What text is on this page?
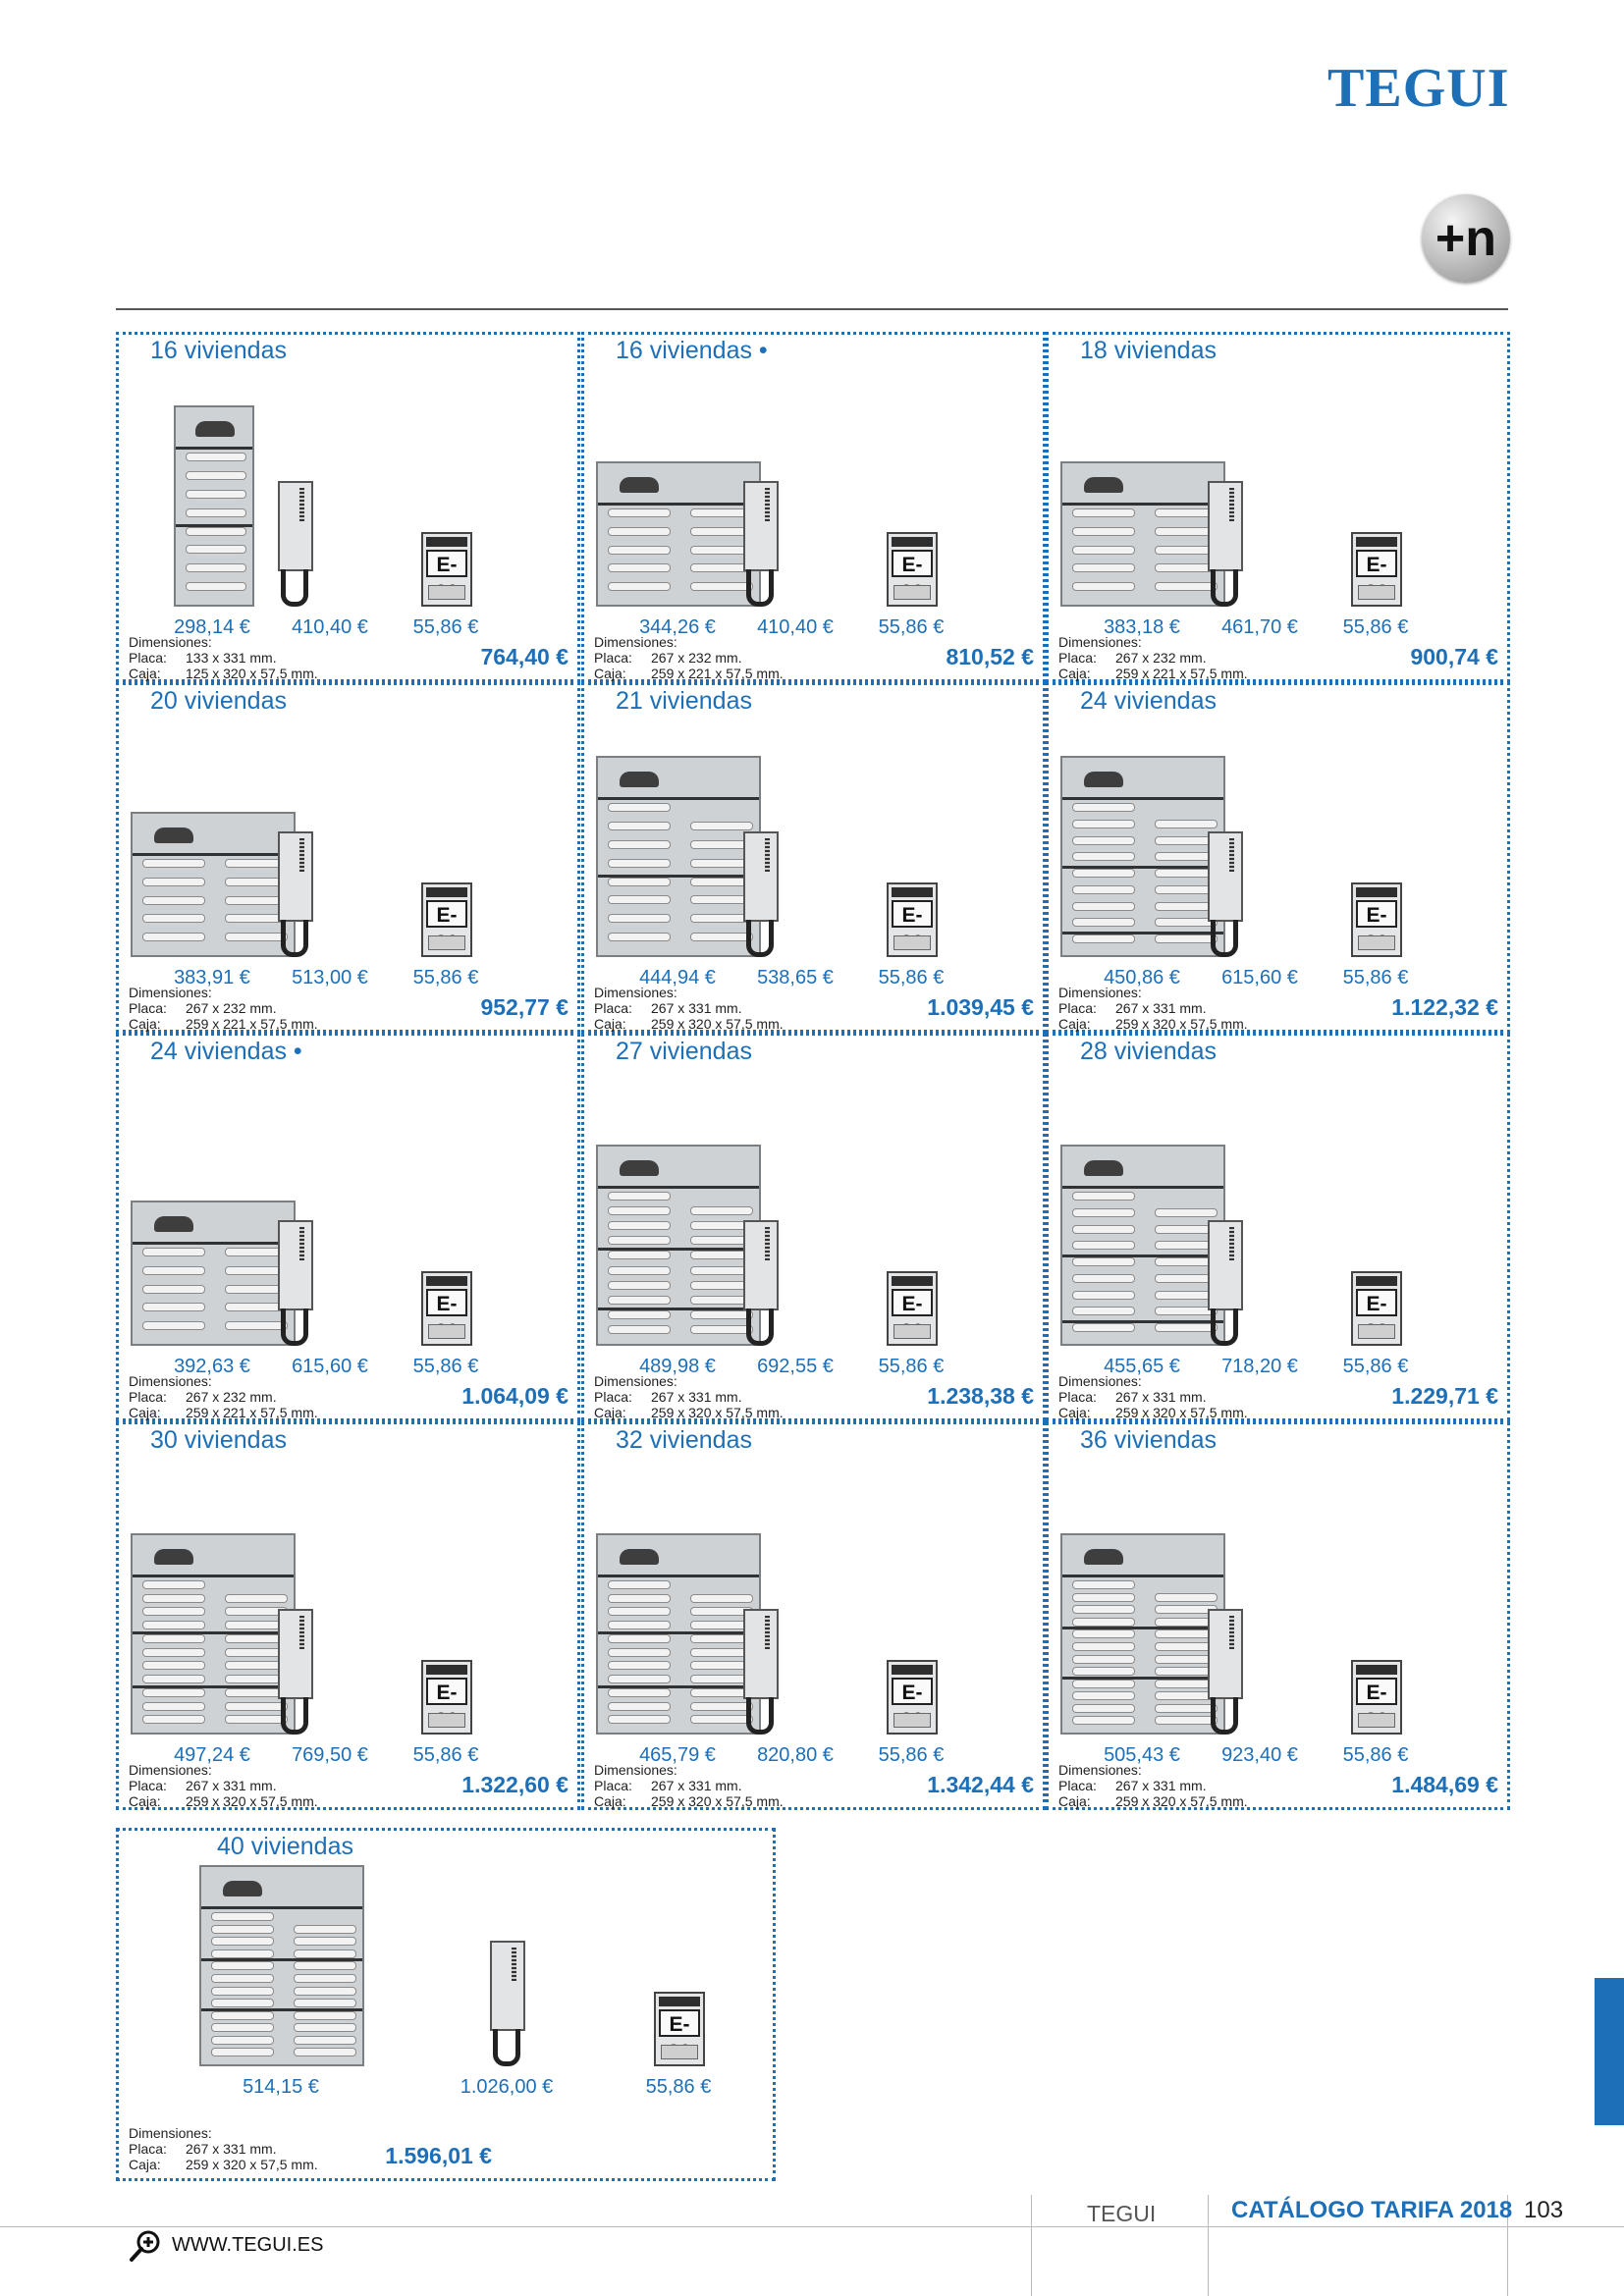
TEGUI
+n
16 viviendas
E-
298,14 €	410,40 €	55,86 €
Dimensiones:
Placa: 133 x 331 mm.
Caja: 125 x 320 x 57,5 mm.
764,40 €
16 viviendas •
E-
344,26 €	410,40 €	55,86 €
Dimensiones:
Placa: 267 x 232 mm.
Caja: 259 x 221 x 57,5 mm.
810,52 €
18 viviendas
E-
383,18 €	461,70 €	55,86 €
Dimensiones:
Placa: 267 x 232 mm.
Caja: 259 x 221 x 57,5 mm.
900,74 €
20 viviendas
E-
383,91 €	513,00 €	55,86 €
Dimensiones:
Placa: 267 x 232 mm.
Caja: 259 x 221 x 57,5 mm.
952,77 €
21 viviendas
E-
444,94 €	538,65 €	55,86 €
Dimensiones:
Placa: 267 x 331 mm.
Caja: 259 x 320 x 57,5 mm.
1.039,45 €
24 viviendas
E-
450,86 €	615,60 €	55,86 €
Dimensiones:
Placa: 267 x 331 mm.
Caja: 259 x 320 x 57,5 mm.
1.122,32 €
24 viviendas •
E-
392,63 €	615,60 €	55,86 €
Dimensiones:
Placa: 267 x 232 mm.
Caja: 259 x 221 x 57,5 mm.
1.064,09 €
27 viviendas
E-
489,98 €	692,55 €	55,86 €
Dimensiones:
Placa: 267 x 331 mm.
Caja: 259 x 320 x 57,5 mm.
1.238,38 €
28 viviendas
E-
455,65 €	718,20 €	55,86 €
Dimensiones:
Placa: 267 x 331 mm.
Caja: 259 x 320 x 57,5 mm.
1.229,71 €
30 viviendas
E-
497,24 €	769,50 €	55,86 €
Dimensiones:
Placa: 267 x 331 mm.
Caja: 259 x 320 x 57,5 mm.
1.322,60 €
32 viviendas
E-
465,79 €	820,80 €	55,86 €
Dimensiones:
Placa: 267 x 331 mm.
Caja: 259 x 320 x 57,5 mm.
1.342,44 €
36 viviendas
E-
505,43 €	923,40 €	55,86 €
Dimensiones:
Placa: 267 x 331 mm.
Caja: 259 x 320 x 57,5 mm.
1.484,69 €
40 viviendas
E-
514,15 €	1.026,00 €	55,86 €
Dimensiones:
Placa: 267 x 331 mm.
Caja: 259 x 320 x 57,5 mm.	1.596,01 €
TEGUI	CATÁLOGO TARIFA 2018 103
WWW.TEGUI.ES
